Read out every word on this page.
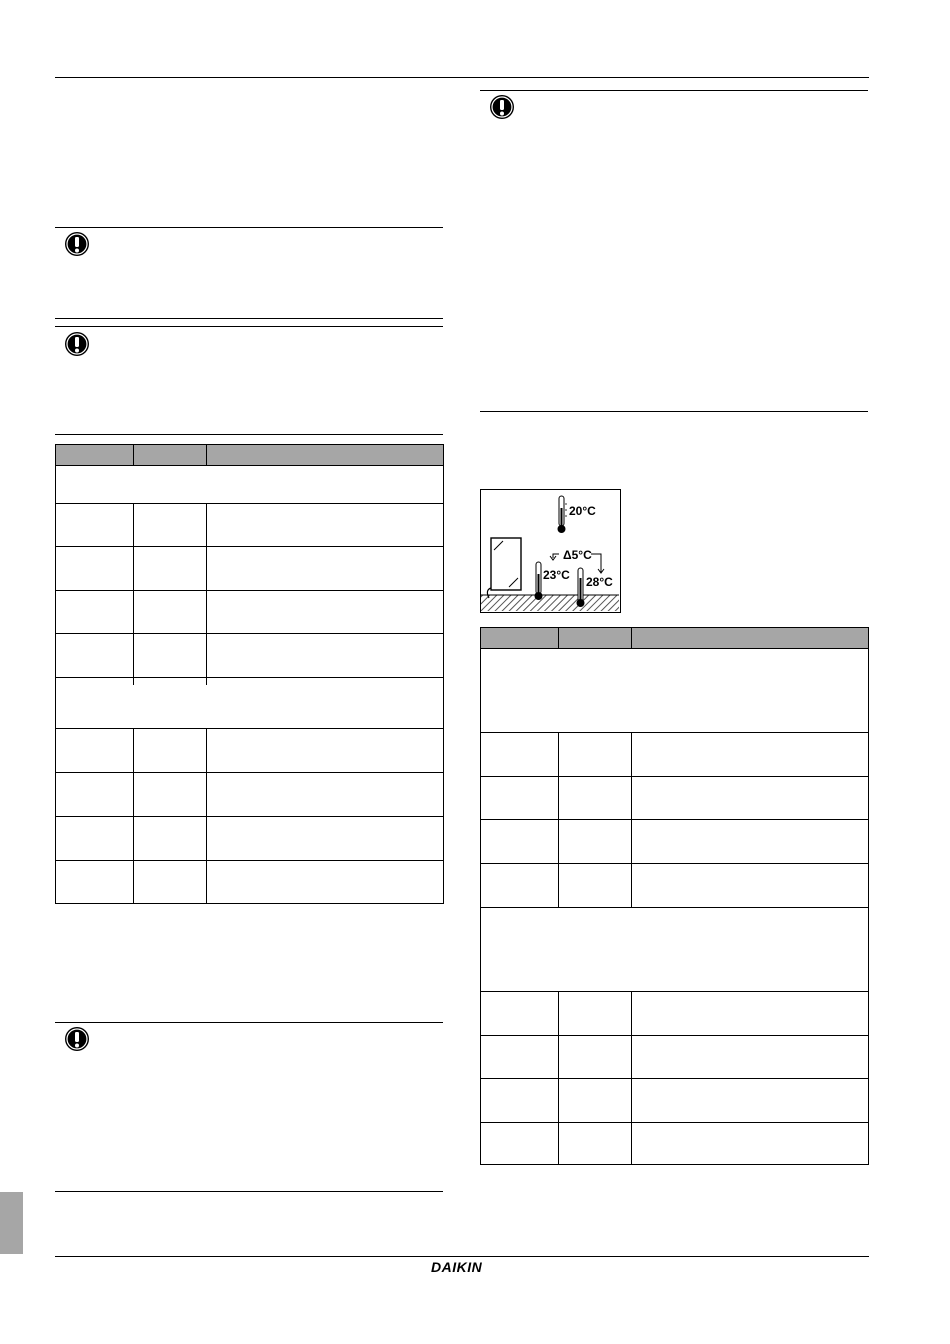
20°C
Δ5°C
23°C 28°C
DAIKIN
